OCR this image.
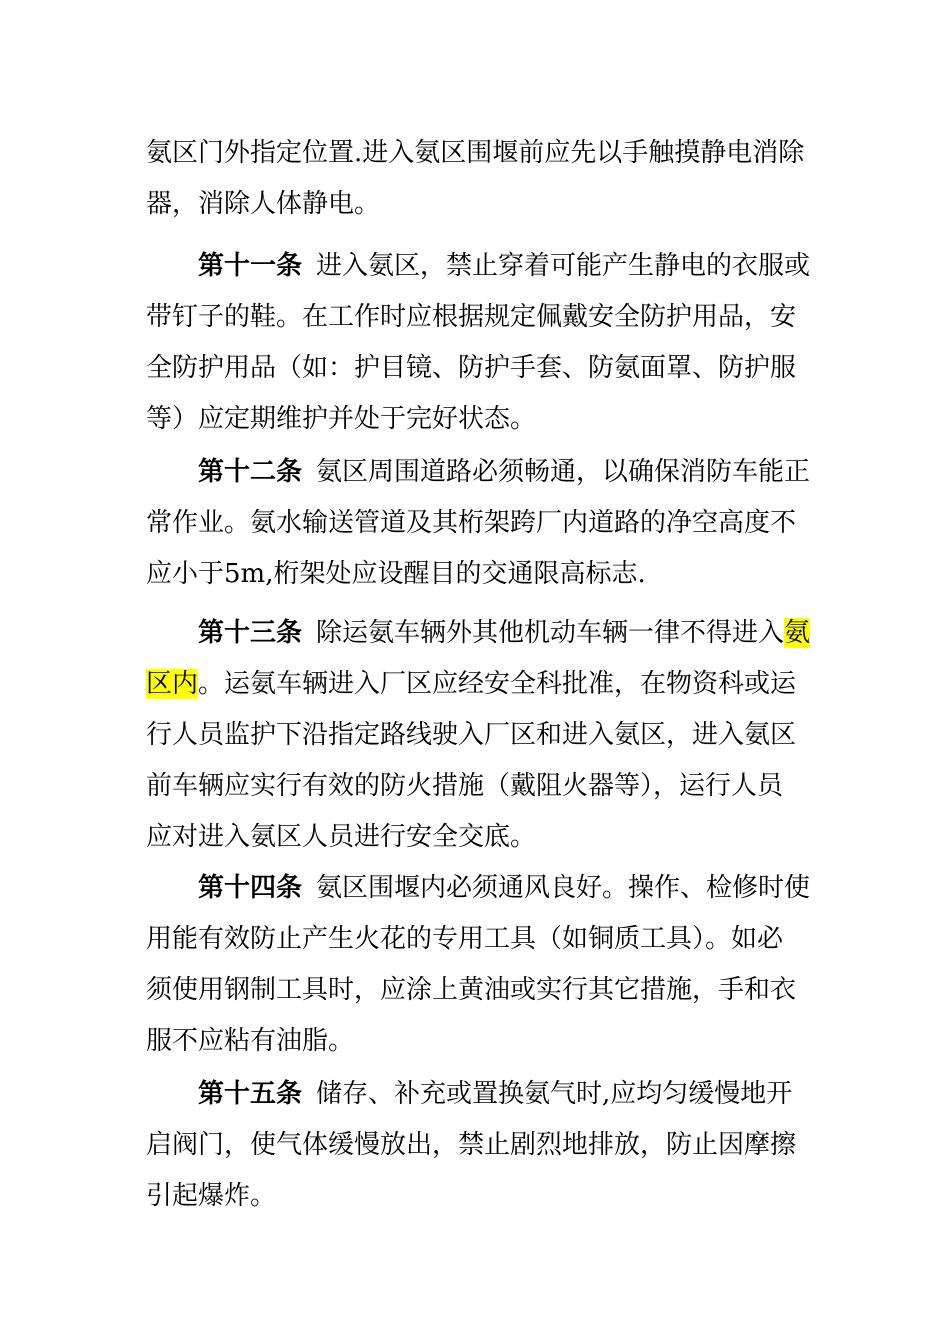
氨区门外指定位置.进入氨区围堰前应先以手触摸静电消除
器，消除人体静电。

第十一条 进入氨区，禁止穿着可能产生静电的衣服或
带钉子的鞋。在工作时应根据规定佩戴安全防护用品，安
全防护用品（如：护目镜、防护手套、防氨面罩、防护服
等）应定期维护并处于完好状态。

第十二条 氨区周围道路必须畅通，以确保消防车能正
常作业。氨水输送管道及其桁架跨厂内道路的净空高度不
应小于5m,桁架处应设醒目的交通限高标志.

第十三条 除运氨车辆外其他机动车辆一律不得进入氨
区内。运氨车辆进入厂区应经安全科批准，在物资科或运
行人员监护下沿指定路线驶入厂区和进入氨区，进入氨区
前车辆应实行有效的防火措施（戴阻火器等），运行人员
应对进入氨区人员进行安全交底。

第十四条 氨区围堰内必须通风良好。操作、检修时使
用能有效防止产生火花的专用工具（如铜质工具）。如必
须使用钢制工具时，应涂上黄油或实行其它措施，手和衣
服不应粘有油脂。

第十五条 储存、补充或置换氨气时,应均匀缓慢地开
启阀门，使气体缓慢放出，禁止剧烈地排放，防止因摩擦
引起爆炸。
